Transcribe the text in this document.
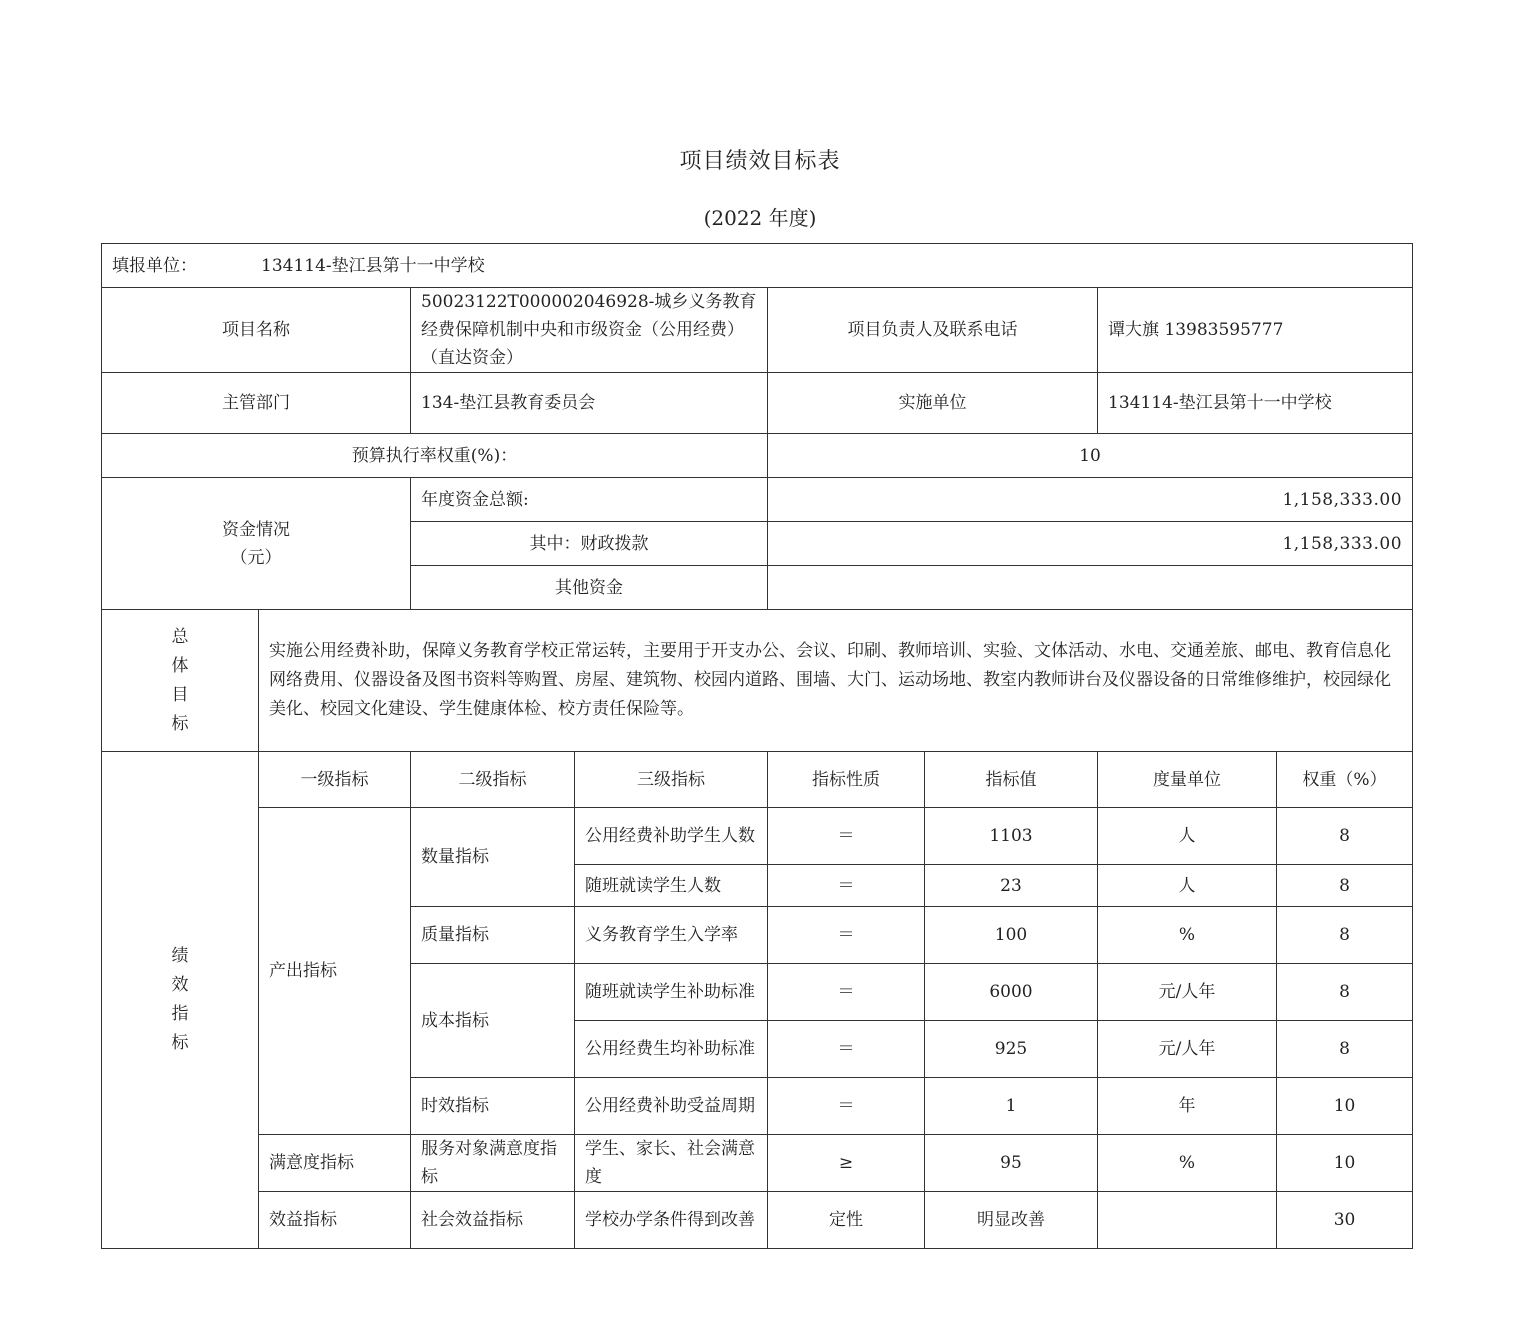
项目绩效目标表
(2022 年度)
填报单位： 134114-垫江县第十一中学校							
项目名称		50023122T000002046928-城乡义务教育经费保障机制中央和市级资金（公用经费）（直达资金）		项目负责人及联系电话		谭大旗 13983595777	
主管部门		134-垫江县教育委员会		实施单位		134114-垫江县第十一中学校	
预算执行率权重(%)：				10			

资金情况
（元）		年度资金总额:		1,158,333.00			
		其中：财政拨款		1,158,333.00			
		其他资金					

总
体
目
标	实施公用经费补助，保障义务教育学校正常运转，主要用于开支办公、会议、印刷、教师培训、实验、文体活动、水电、交通差旅、邮电、教育信息化网络费用、仪器设备及图书资料等购置、房屋、建筑物、校园内道路、围墙、大门、运动场地、教室内教师讲台及仪器设备的日常维修维护，校园绿化美化、校园文化建设、学生健康体检、校方责任保险等。						

绩
效
指
标	一级指标	二级指标	三级指标	指标性质	指标值	度量单位	权重（%）
	产出指标	数量指标	公用经费补助学生人数	＝	1103	人	8
			随班就读学生人数	＝	23	人	8
		质量指标	义务教育学生入学率	＝	100	%	8
		成本指标	随班就读学生补助标准	＝	6000	元/人年	8
			公用经费生均补助标准	＝	925	元/人年	8
		时效指标	公用经费补助受益周期	＝	1	年	10
	满意度指标	服务对象满意度指标	学生、家长、社会满意度	≥	95	%	10
	效益指标	社会效益指标	学校办学条件得到改善	定性	明显改善		30
